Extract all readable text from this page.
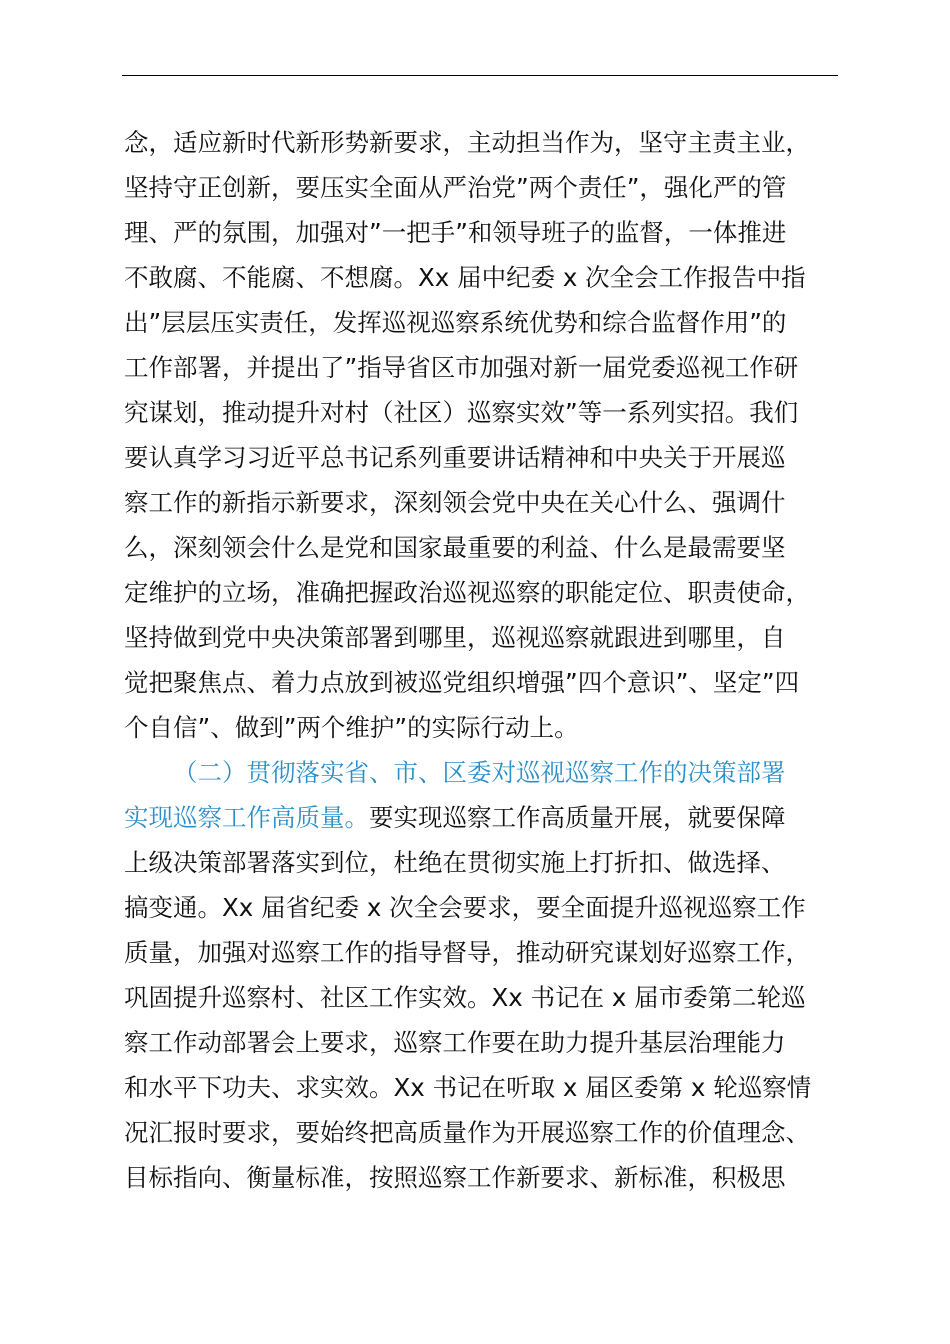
念，适应新时代新形势新要求，主动担当作为，坚守主责主业，
坚持守正创新，要压实全面从严治党”两个责任”，强化严的管
理、严的氛围，加强对”一把手”和领导班子的监督，一体推进
不敢腐、不能腐、不想腐。Xx 届中纪委 x 次全会工作报告中指
出”层层压实责任，发挥巡视巡察系统优势和综合监督作用”的
工作部署，并提出了”指导省区市加强对新一届党委巡视工作研
究谋划，推动提升对村（社区）巡察实效”等一系列实招。我们
要认真学习习近平总书记系列重要讲话精神和中央关于开展巡
察工作的新指示新要求，深刻领会党中央在关心什么、强调什
么，深刻领会什么是党和国家最重要的利益、什么是最需要坚
定维护的立场，准确把握政治巡视巡察的职能定位、职责使命，
坚持做到党中央决策部署到哪里，巡视巡察就跟进到哪里，自
觉把聚焦点、着力点放到被巡党组织增强”四个意识”、坚定”四
个自信”、做到”两个维护”的实际行动上。
（二）贯彻落实省、市、区委对巡视巡察工作的决策部署
实现巡察工作高质量。要实现巡察工作高质量开展，就要保障
上级决策部署落实到位，杜绝在贯彻实施上打折扣、做选择、
搞变通。Xx 届省纪委 x 次全会要求，要全面提升巡视巡察工作
质量，加强对巡察工作的指导督导，推动研究谋划好巡察工作，
巩固提升巡察村、社区工作实效。Xx 书记在 x 届市委第二轮巡
察工作动部署会上要求，巡察工作要在助力提升基层治理能力
和水平下功夫、求实效。Xx 书记在听取 x 届区委第 x 轮巡察情
况汇报时要求，要始终把高质量作为开展巡察工作的价值理念、
目标指向、衡量标准，按照巡察工作新要求、新标准，积极思
